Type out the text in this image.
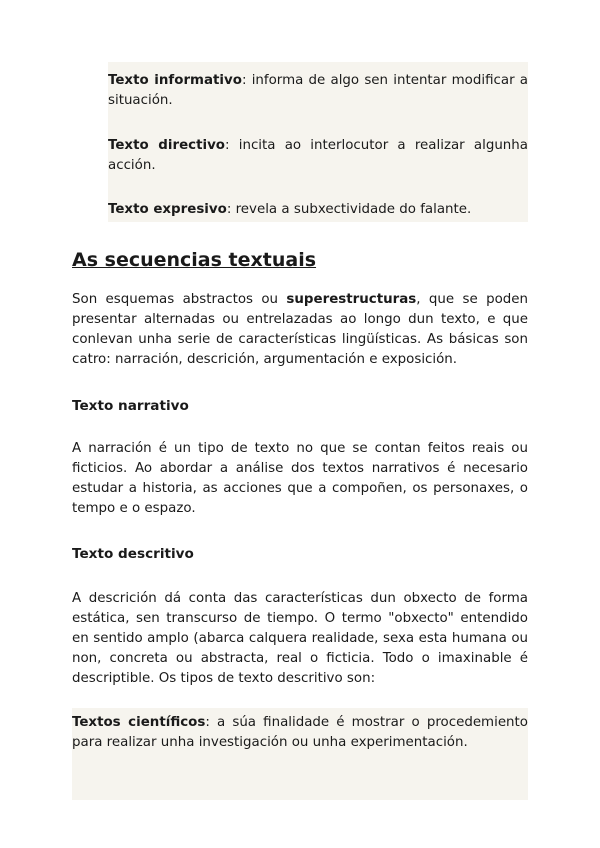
Texto informativo: informa de algo sen intentar modificar a situación.

Texto directivo: incita ao interlocutor a realizar algunha acción.

Texto expresivo: revela a subxectividade do falante.

As secuencias textuais

Son esquemas abstractos ou superestructuras, que se poden presentar alternadas ou entrelazadas ao longo dun texto, e que conlevan unha serie de características lingüísticas. As básicas son catro: narración, descrición, argumentación e exposición.

Texto narrativo

A narración é un tipo de texto no que se contan feitos reais ou ficticios. Ao abordar a análise dos textos narrativos é necesario estudar a historia, as acciones que a compoñen, os personaxes, o tempo e o espazo.

Texto descritivo

A descrición dá conta das características dun obxecto de forma estática, sen transcurso de tiempo. O termo "obxecto" entendido en sentido amplo (abarca calquera realidade, sexa esta humana ou non, concreta ou abstracta, real o ficticia. Todo o imaxinable é descriptible. Os tipos de texto descritivo son:

Textos científicos: a súa finalidade é mostrar o procedemiento para realizar unha investigación ou unha experimentación.
